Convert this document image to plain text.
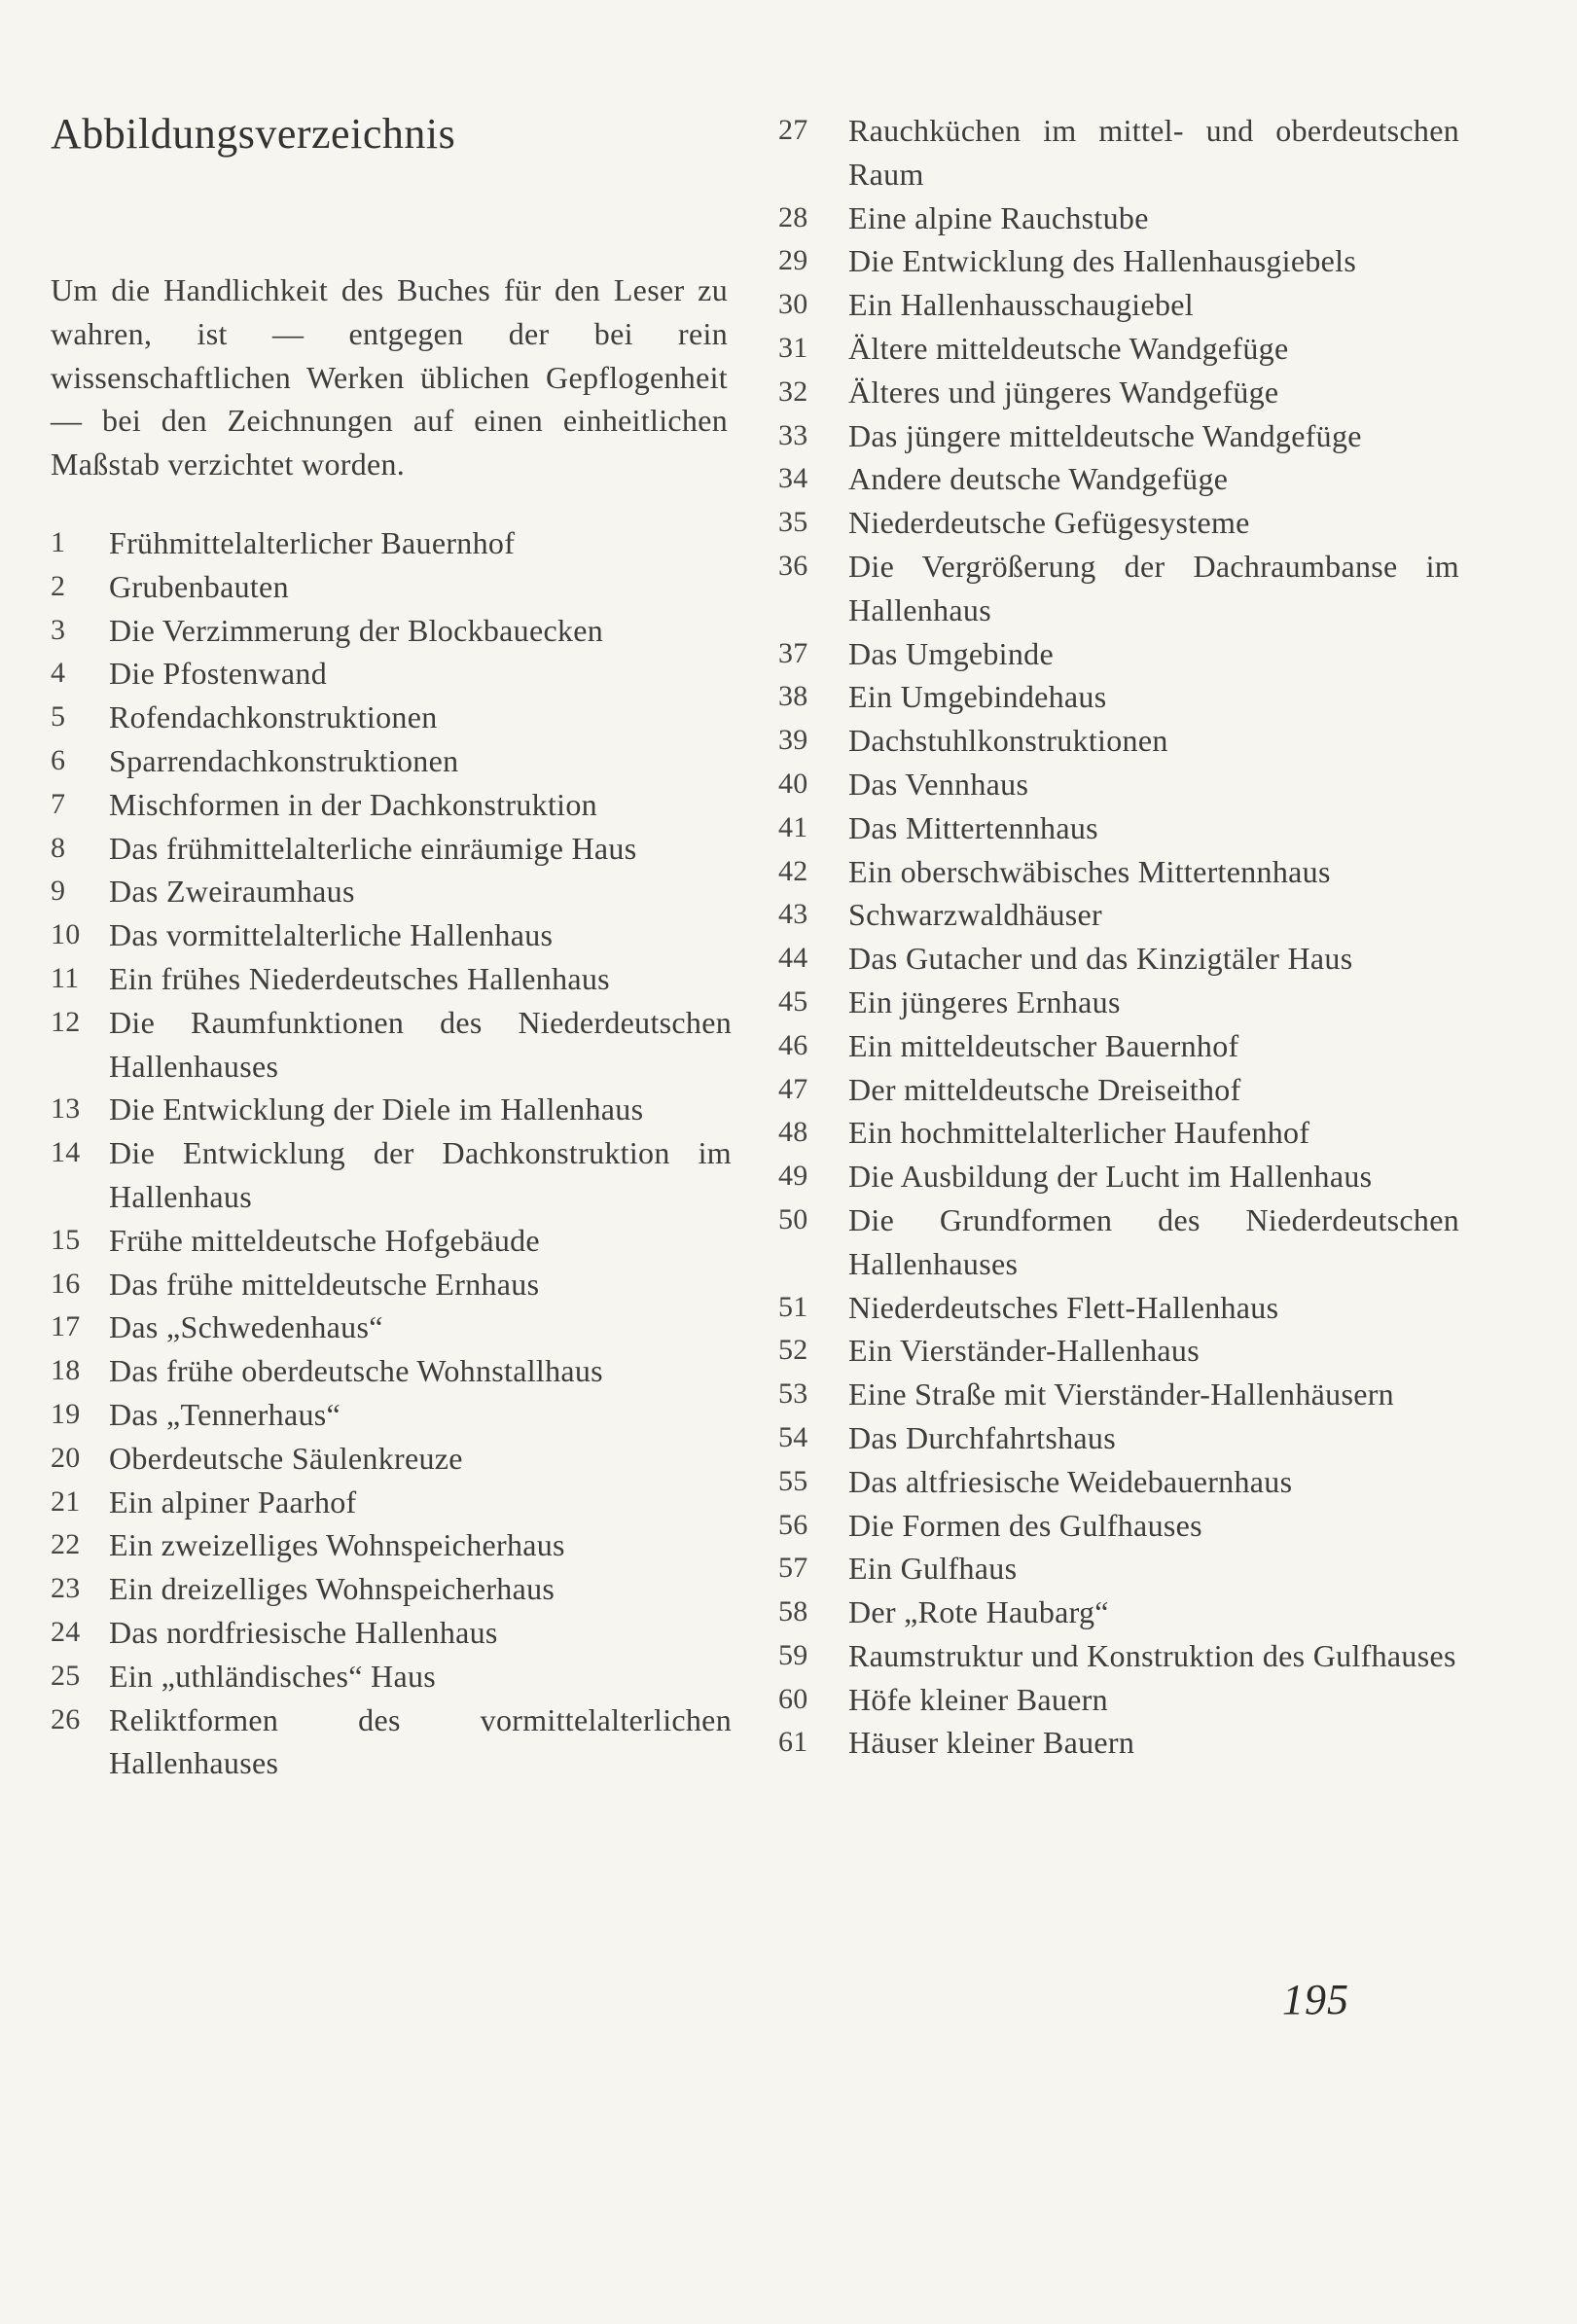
Abbildungsverzeichnis

Um die Handlichkeit des Buches für den Leser zu wahren, ist — entgegen der bei rein wissenschaftlichen Werken üblichen Gepflogenheit — bei den Zeichnungen auf einen einheitlichen Maßstab verzichtet worden.

1	Frühmittelalterlicher Bauernhof
2	Grubenbauten
3	Die Verzimmerung der Blockbauecken
4	Die Pfostenwand
5	Rofendachkonstruktionen
6	Sparrendachkonstruktionen
7	Mischformen in der Dachkonstruktion
8	Das frühmittelalterliche einräumige Haus
9	Das Zweiraumhaus
10 Das vormittelalterliche Hallenhaus
11 Ein frühes Niederdeutsches Hallenhaus
12 Die Raumfunktionen des Niederdeutschen Hallenhauses
13 Die Entwicklung der Diele im Hallenhaus
14 Die Entwicklung der Dachkonstruktion im Hallenhaus
15 Frühe mitteldeutsche Hofgebäude
16 Das frühe mitteldeutsche Ernhaus
17 Das „Schwedenhaus“
18 Das frühe oberdeutsche Wohnstallhaus
19 Das „Tennerhaus“
20 Oberdeutsche Säulenkreuze
21 Ein alpiner Paarhof
22 Ein zweizelliges Wohnspeicherhaus
23 Ein dreizelliges Wohnspeicherhaus
24 Das nordfriesische Hallenhaus
25 Ein „uthländisches“ Haus
26 Reliktformen des vormittelalterlichen Hallenhauses
27	Rauchküchen im mittel- und oberdeutschen Raum
28	Eine alpine Rauchstube
29	Die Entwicklung des Hallenhausgiebels
30	Ein Hallenhausschaugiebel
31	Ältere mitteldeutsche Wandgefüge
32	Älteres und jüngeres Wandgefüge
33	Das jüngere mitteldeutsche Wandgefüge
34	Andere deutsche Wandgefüge
35	Niederdeutsche Gefügesysteme
36	Die Vergrößerung der Dachraumbanse im Hallenhaus
37	Das Umgebinde
38	Ein Umgebindehaus
39	Dachstuhlkonstruktionen
40	Das Vennhaus
41	Das Mittertennhaus
42	Ein oberschwäbisches Mittertennhaus
43	Schwarzwaldhäuser
44	Das Gutacher und das Kinzigtäler Haus
45	Ein jüngeres Ernhaus
46	Ein mitteldeutscher Bauernhof
47	Der mitteldeutsche Dreiseithof
48	Ein hochmittelalterlicher Haufenhof
49	Die Ausbildung der Lucht im Hallenhaus
50	Die Grundformen des Niederdeutschen Hallenhauses
51	Niederdeutsches Flett-Hallenhaus
52	Ein Vierständer-Hallenhaus
53	Eine Straße mit Vierständer-Hallenhäusern
54	Das Durchfahrtshaus
55	Das altfriesische Weidebauernhaus
56	Die Formen des Gulfhauses
57	Ein Gulfhaus
58	Der „Rote Haubarg“
59	Raumstruktur und Konstruktion des Gulfhauses
60	Höfe kleiner Bauern
61	Häuser kleiner Bauern
195
